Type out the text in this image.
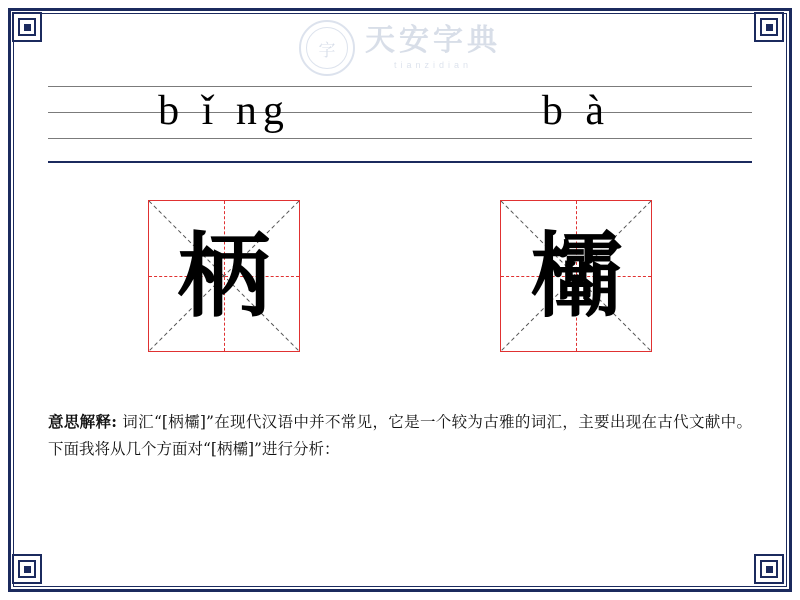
字 天安字典
tianzidian
b ǐ ng	b à
柄	欛
意思解释: 词汇“[柄欛]”在现代汉语中并不常见，它是一个较为古雅的词汇，主要出现在古代文献中。下面我将从几个方面对“[柄欛]”进行分析：
